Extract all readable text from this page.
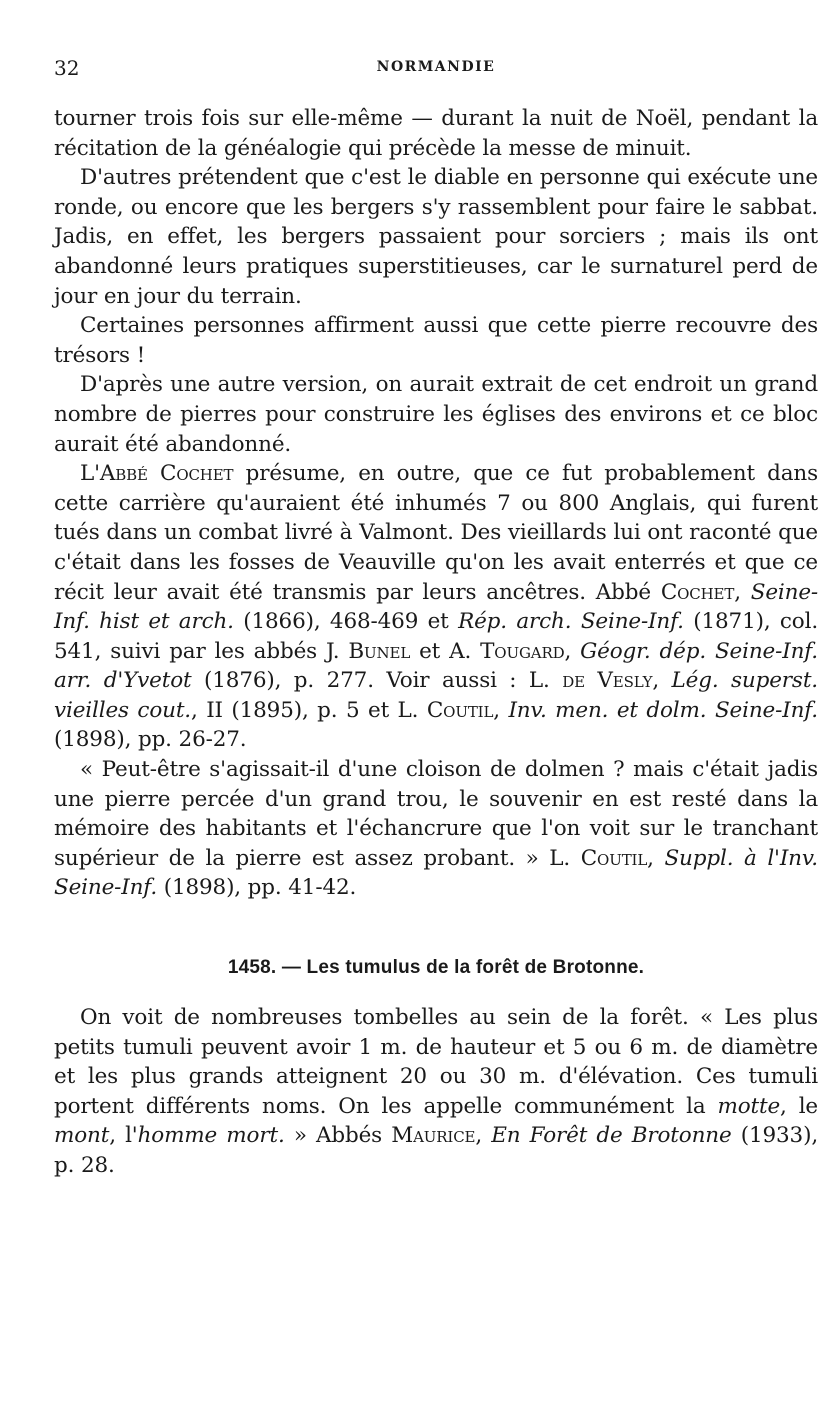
32	NORMANDIE

tourner trois fois sur elle-même — durant la nuit de Noël, pendant la récitation de la généalogie qui précède la messe de minuit.

D'autres prétendent que c'est le diable en personne qui exécute une ronde, ou encore que les bergers s'y rassemblent pour faire le sabbat. Jadis, en effet, les bergers passaient pour sorciers ; mais ils ont abandonné leurs pratiques superstitieuses, car le surnaturel perd de jour en jour du terrain.

Certaines personnes affirment aussi que cette pierre recouvre des trésors !

D'après une autre version, on aurait extrait de cet endroit un grand nombre de pierres pour construire les églises des environs et ce bloc aurait été abandonné.

L'Abbé Cochet présume, en outre, que ce fut probablement dans cette carrière qu'auraient été inhumés 7 ou 800 Anglais, qui furent tués dans un combat livré à Valmont. Des vieillards lui ont raconté que c'était dans les fosses de Veauville qu'on les avait enterrés et que ce récit leur avait été transmis par leurs ancêtres. Abbé Cochet, Seine-Inf. hist et arch. (1866), 468-469 et Rép. arch. Seine-Inf. (1871), col. 541, suivi par les abbés J. Bunel et A. Tougard, Géogr. dép. Seine-Inf. arr. d'Yvetot (1876), p. 277. Voir aussi : L. de Vesly, Lég. superst. vieilles cout., II (1895), p. 5 et L. Coutil, Inv. men. et dolm. Seine-Inf. (1898), pp. 26-27.

« Peut-être s'agissait-il d'une cloison de dolmen ? mais c'était jadis une pierre percée d'un grand trou, le souvenir en est resté dans la mémoire des habitants et l'échancrure que l'on voit sur le tranchant supérieur de la pierre est assez probant. » L. Coutil, Suppl. à l'Inv. Seine-Inf. (1898), pp. 41-42.

1458. — Les tumulus de la forêt de Brotonne.

On voit de nombreuses tombelles au sein de la forêt. « Les plus petits tumuli peuvent avoir 1 m. de hauteur et 5 ou 6 m. de diamètre et les plus grands atteignent 20 ou 30 m. d'élévation. Ces tumuli portent différents noms. On les appelle communément la motte, le mont, l'homme mort. » Abbés Maurice, En Forêt de Brotonne (1933), p. 28.
